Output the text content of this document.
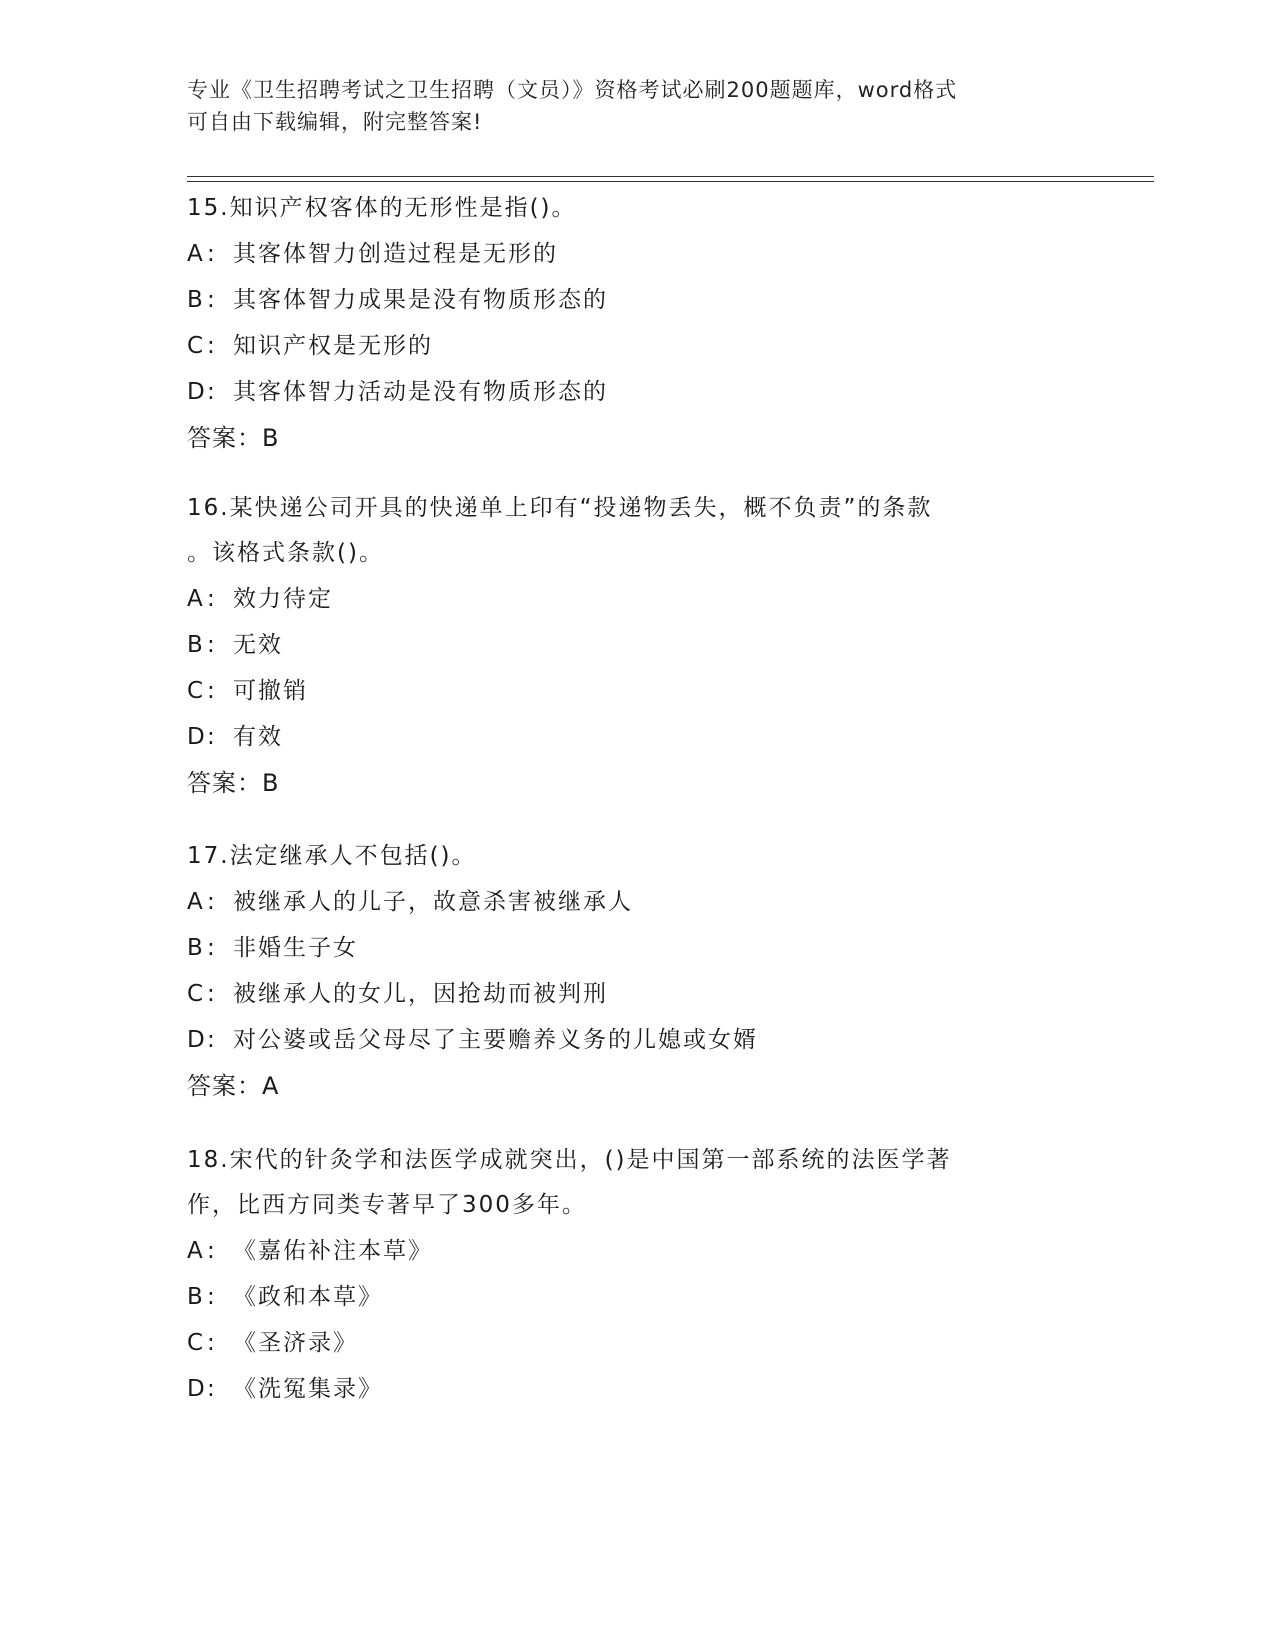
专业《卫生招聘考试之卫生招聘（文员）》资格考试必刷200题题库，word格式
可自由下载编辑，附完整答案!
15.知识产权客体的无形性是指()。
A: 其客体智力创造过程是无形的
B: 其客体智力成果是没有物质形态的
C: 知识产权是无形的
D: 其客体智力活动是没有物质形态的
答案：B
16.某快递公司开具的快递单上印有“投递物丢失，概不负责”的条款
。该格式条款()。
A: 效力待定
B: 无效
C: 可撤销
D: 有效
答案：B
17.法定继承人不包括()。
A: 被继承人的儿子，故意杀害被继承人
B: 非婚生子女
C: 被继承人的女儿，因抢劫而被判刑
D: 对公婆或岳父母尽了主要赡养义务的儿媳或女婿
答案：A
18.宋代的针灸学和法医学成就突出，()是中国第一部系统的法医学著
作，比西方同类专著早了300多年。
A: 《嘉佑补注本草》
B: 《政和本草》
C: 《圣济录》
D: 《洗冤集录》
